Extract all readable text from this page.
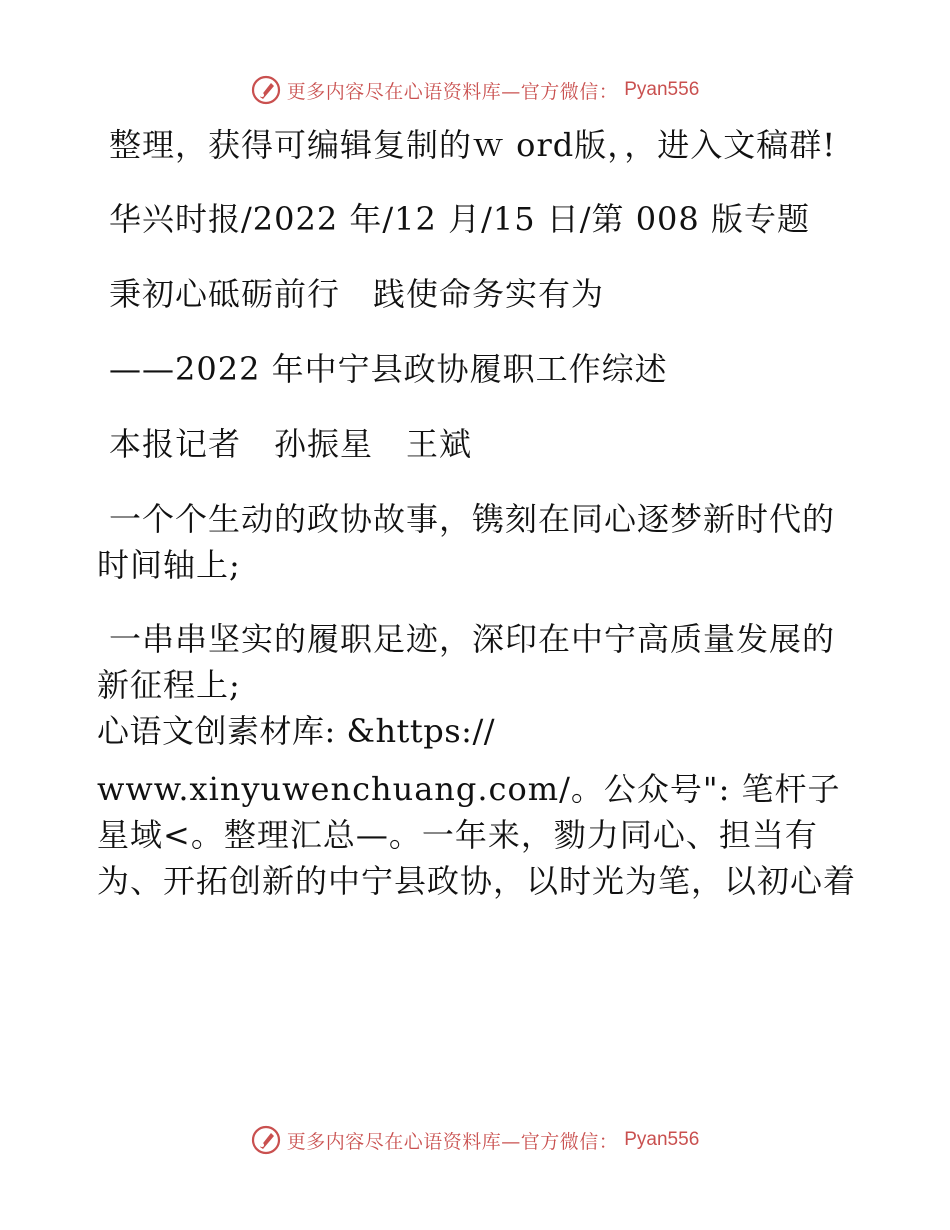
更多内容尽在心语资料库—官方微信： Pyan556

整理，获得可编辑复制的ｗ ord版，，进入文稿群!

华兴时报/2022 年/12 月/15 日/第 008 版专题

秉初心砥砺前行　践使命务实有为

——2022 年中宁县政协履职工作综述

本报记者　孙振星　王斌

一个个生动的政协故事，镌刻在同心逐梦新时代的时间轴上;

一串串坚实的履职足迹，深印在中宁高质量发展的新征程上;

心语文创素材库: &https://

www.xinyuwenchuang.com/。公众号": 笔杆子星域<。整理汇总—。一年来，勠力同心、担当有为、开拓创新的中宁县政协，以时光为笔，以初心着

更多内容尽在心语资料库—官方微信： Pyan556
